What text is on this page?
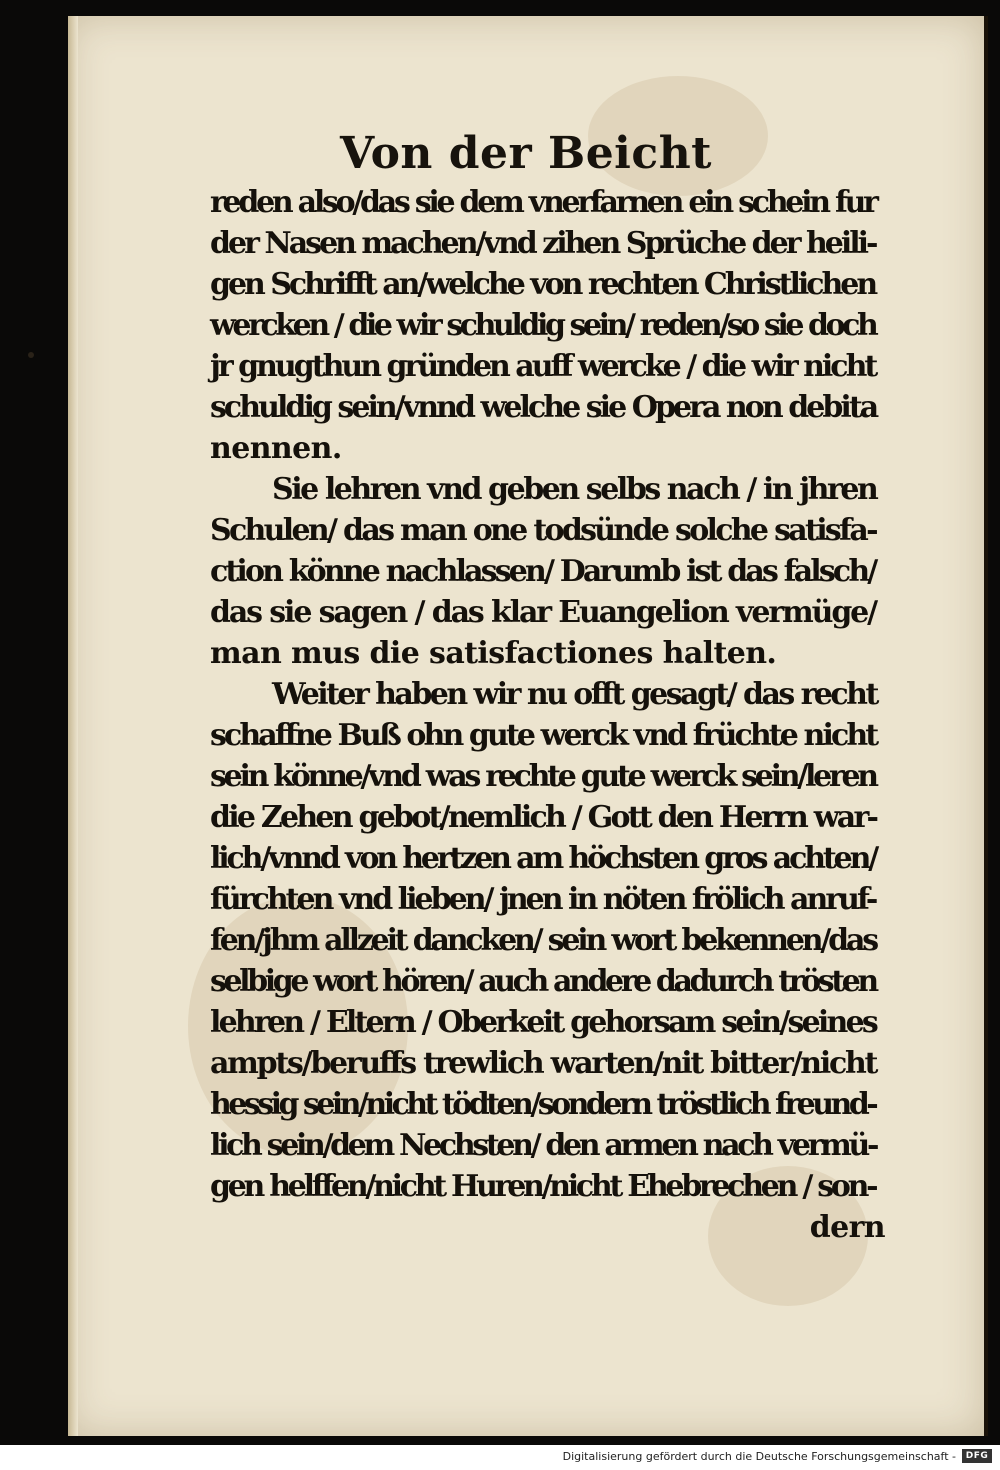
Von der Beicht
reden also/das sie dem vnerfarnen ein schein fur
der Nasen machen/vnd zihen Sprüche der heili-
gen Schrifft an/welche von rechten Christlichen
wercken / die wir schuldig sein/ reden/so sie doch
jr gnugthun gründen auff wercke / die wir nicht
schuldig sein/vnnd welche sie Opera non debita
nennen.
Sie lehren vnd geben selbs nach / in jhren
Schulen/ das man one todsünde solche satisfa-
ction könne nachlassen/ Darumb ist das falsch/
das sie sagen / das klar Euangelion vermüge/
man mus die satisfactiones halten.
Weiter haben wir nu offt gesagt/ das recht
schaffne Buß ohn gute werck vnd früchte nicht
sein könne/vnd was rechte gute werck sein/leren
die Zehen gebot/nemlich / Gott den Herrn war-
lich/vnnd von hertzen am höchsten gros achten/
fürchten vnd lieben/ jnen in nöten frölich anruf-
fen/jhm allzeit dancken/ sein wort bekennen/das
selbige wort hören/ auch andere dadurch trösten
lehren / Eltern / Oberkeit gehorsam sein/seines
ampts/beruffs trewlich warten/nit bitter/nicht
hessig sein/nicht tödten/sondern tröstlich freund-
lich sein/dem Nechsten/ den armen nach vermü-
gen helffen/nicht Huren/nicht Ehebrechen / son-
dern
Digitalisierung gefördert durch die Deutsche Forschungsgemeinschaft -	DFG
